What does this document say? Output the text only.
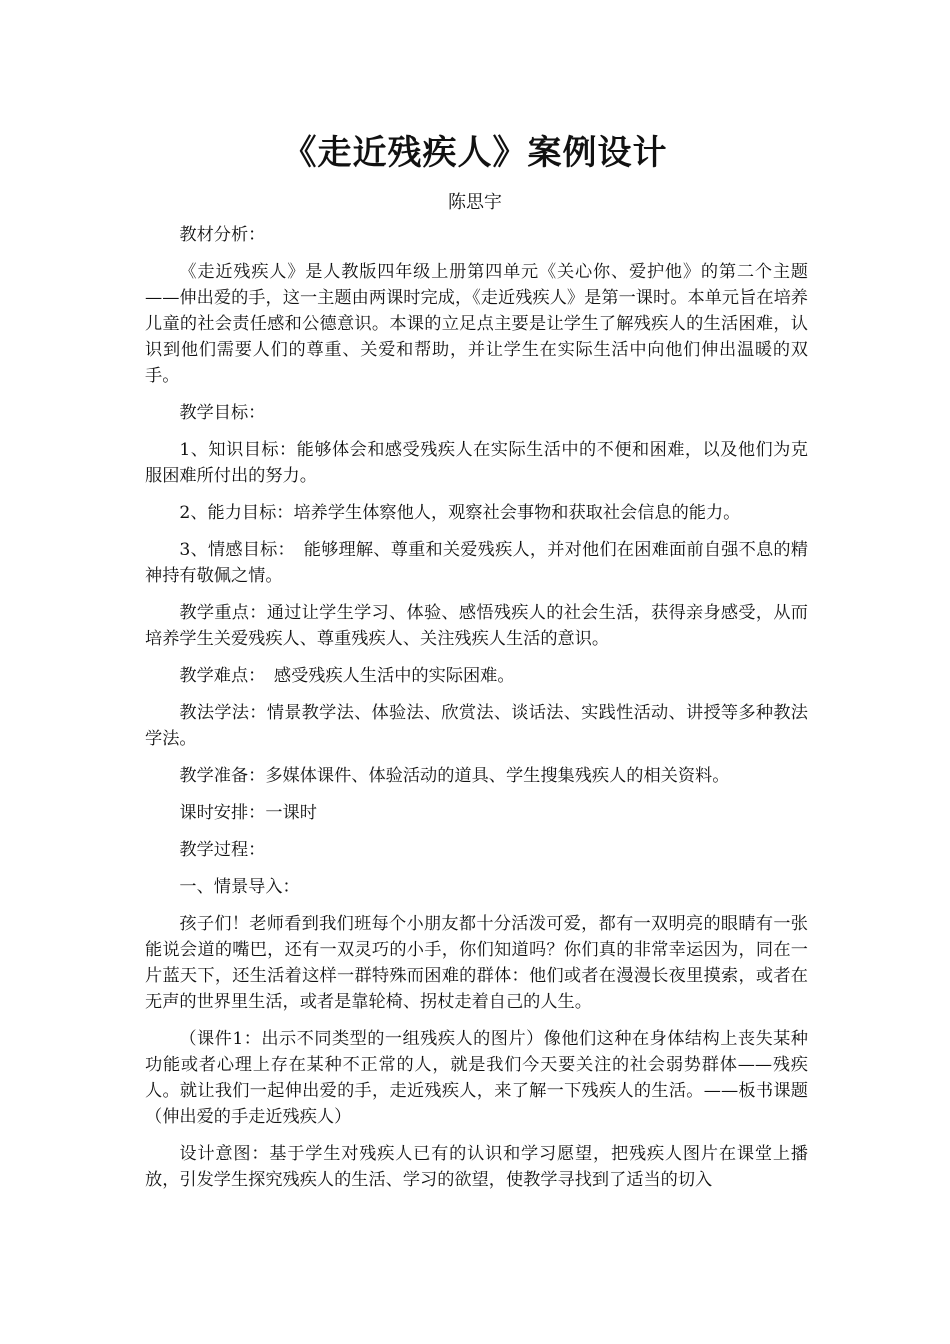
《走近残疾人》案例设计
陈思宇

教材分析：

《走近残疾人》是人教版四年级上册第四单元《关心你、爱护他》的第二个主题——伸出爱的手，这一主题由两课时完成，《走近残疾人》是第一课时。本单元旨在培养儿童的社会责任感和公德意识。本课的立足点主要是让学生了解残疾人的生活困难，认识到他们需要人们的尊重、关爱和帮助，并让学生在实际生活中向他们伸出温暖的双手。

教学目标：

1、知识目标：能够体会和感受残疾人在实际生活中的不便和困难，以及他们为克服困难所付出的努力。

2、能力目标：培养学生体察他人，观察社会事物和获取社会信息的能力。

3、情感目标：　能够理解、尊重和关爱残疾人，并对他们在困难面前自强不息的精神持有敬佩之情。

教学重点：通过让学生学习、体验、感悟残疾人的社会生活，获得亲身感受，从而培养学生关爱残疾人、尊重残疾人、关注残疾人生活的意识。

教学难点：　感受残疾人生活中的实际困难。

教法学法：情景教学法、体验法、欣赏法、谈话法、实践性活动、讲授等多种教法学法。

教学准备：多媒体课件、体验活动的道具、学生搜集残疾人的相关资料。

课时安排：一课时

教学过程：

一、情景导入：

孩子们！老师看到我们班每个小朋友都十分活泼可爱，都有一双明亮的眼睛有一张能说会道的嘴巴，还有一双灵巧的小手，你们知道吗？你们真的非常幸运因为，同在一片蓝天下，还生活着这样一群特殊而困难的群体：他们或者在漫漫长夜里摸索，或者在无声的世界里生活，或者是靠轮椅、拐杖走着自己的人生。

（课件1：出示不同类型的一组残疾人的图片）像他们这种在身体结构上丧失某种功能或者心理上存在某种不正常的人，就是我们今天要关注的社会弱势群体——残疾人。就让我们一起伸出爱的手，走近残疾人，来了解一下残疾人的生活。——板书课题（伸出爱的手走近残疾人）

设计意图：基于学生对残疾人已有的认识和学习愿望，把残疾人图片在课堂上播放，引发学生探究残疾人的生活、学习的欲望，使教学寻找到了适当的切入
